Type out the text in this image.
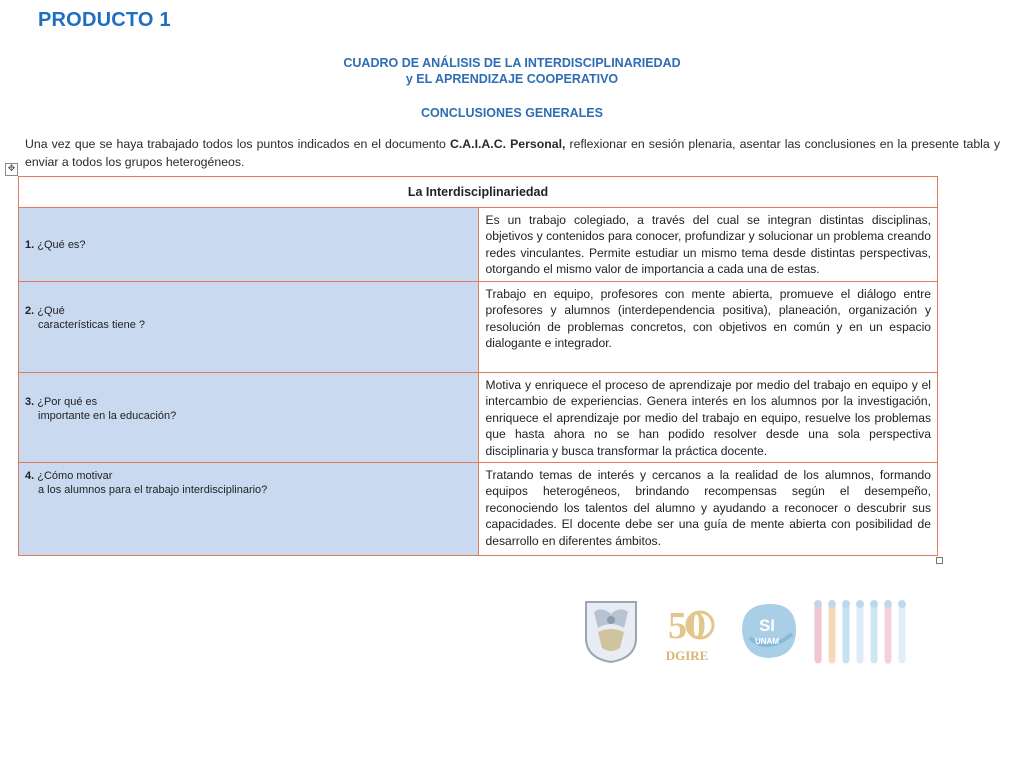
PRODUCTO 1
CUADRO DE ANÁLISIS DE LA INTERDISCIPLINARIEDAD
y EL APRENDIZAJE COOPERATIVO
CONCLUSIONES GENERALES

Una vez que se haya trabajado todos los puntos indicados en el documento C.A.I.A.C. Personal, reflexionar en sesión plenaria, asentar las conclusiones en la presente tabla y enviar a todos los grupos heterogéneos.

✥
La Interdisciplinariedad	

1. ¿Qué es?	Es un trabajo colegiado, a través del cual se integran distintas disciplinas, objetivos y contenidos para conocer, profundizar y solucionar un problema creando redes vinculantes. Permite estudiar un mismo tema desde distintas perspectivas, otorgando el mismo valor de importancia a cada una de estas.

2. ¿Qué

características tiene ?	Trabajo en equipo, profesores con mente abierta, promueve el diálogo entre profesores y alumnos (interdependencia positiva), planeación, organización y resolución de problemas concretos, con objetivos en común y en un espacio dialogante e integrador.

3. ¿Por qué es

importante en la educación?	Motiva y enriquece el proceso de aprendizaje por medio del trabajo en equipo y el intercambio de experiencias. Genera interés en los alumnos por la investigación, enriquece el aprendizaje por medio del trabajo en equipo, resuelve los problemas que hasta ahora no se han podido resolver desde una sola perspectiva disciplinaria y busca transformar la práctica docente.

4. ¿Cómo motivar

a los alumnos para el trabajo interdisciplinario?	Tratando temas de interés y cercanos a la realidad de los alumnos, formando equipos heterogéneos, brindando recompensas según el desempeño, reconociendo los talentos del alumno y ayudando a reconocer o descubrir sus capacidades. El docente debe ser una guía de mente abierta con posibilidad de desarrollo en diferentes ámbitos.
50
DGIRE
SI
UNAM
